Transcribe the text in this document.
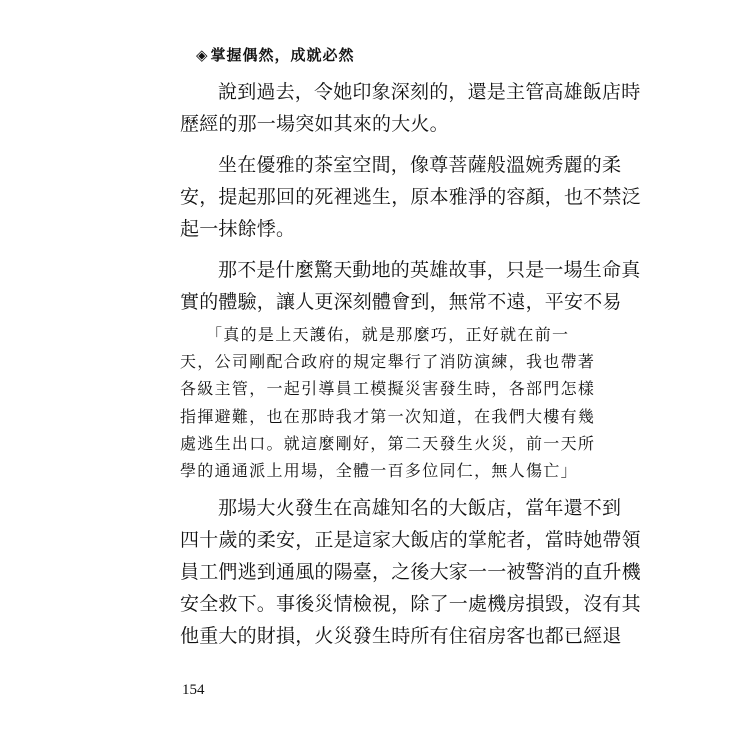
◈ 掌握偶然，成就必然

說到過去，令她印象深刻的，還是主管高雄飯店時
歷經的那一場突如其來的大火。

坐在優雅的茶室空間，像尊菩薩般溫婉秀麗的柔
安，提起那回的死裡逃生，原本雅淨的容顏，也不禁泛
起一抹餘悸。

那不是什麼驚天動地的英雄故事，只是一場生命真
實的體驗，讓人更深刻體會到，無常不遠，平安不易

「真的是上天護佑，就是那麼巧，正好就在前一
天，公司剛配合政府的規定舉行了消防演練，我也帶著
各級主管，一起引導員工模擬災害發生時，各部門怎樣
指揮避難，也在那時我才第一次知道，在我們大樓有幾
處逃生出口。就這麼剛好，第二天發生火災，前一天所
學的通通派上用場，全體一百多位同仁，無人傷亡」

那場大火發生在高雄知名的大飯店，當年還不到
四十歲的柔安，正是這家大飯店的掌舵者，當時她帶領
員工們逃到通風的陽臺，之後大家一一被警消的直升機
安全救下。事後災情檢視，除了一處機房損毀，沒有其
他重大的財損，火災發生時所有住宿房客也都已經退

154
